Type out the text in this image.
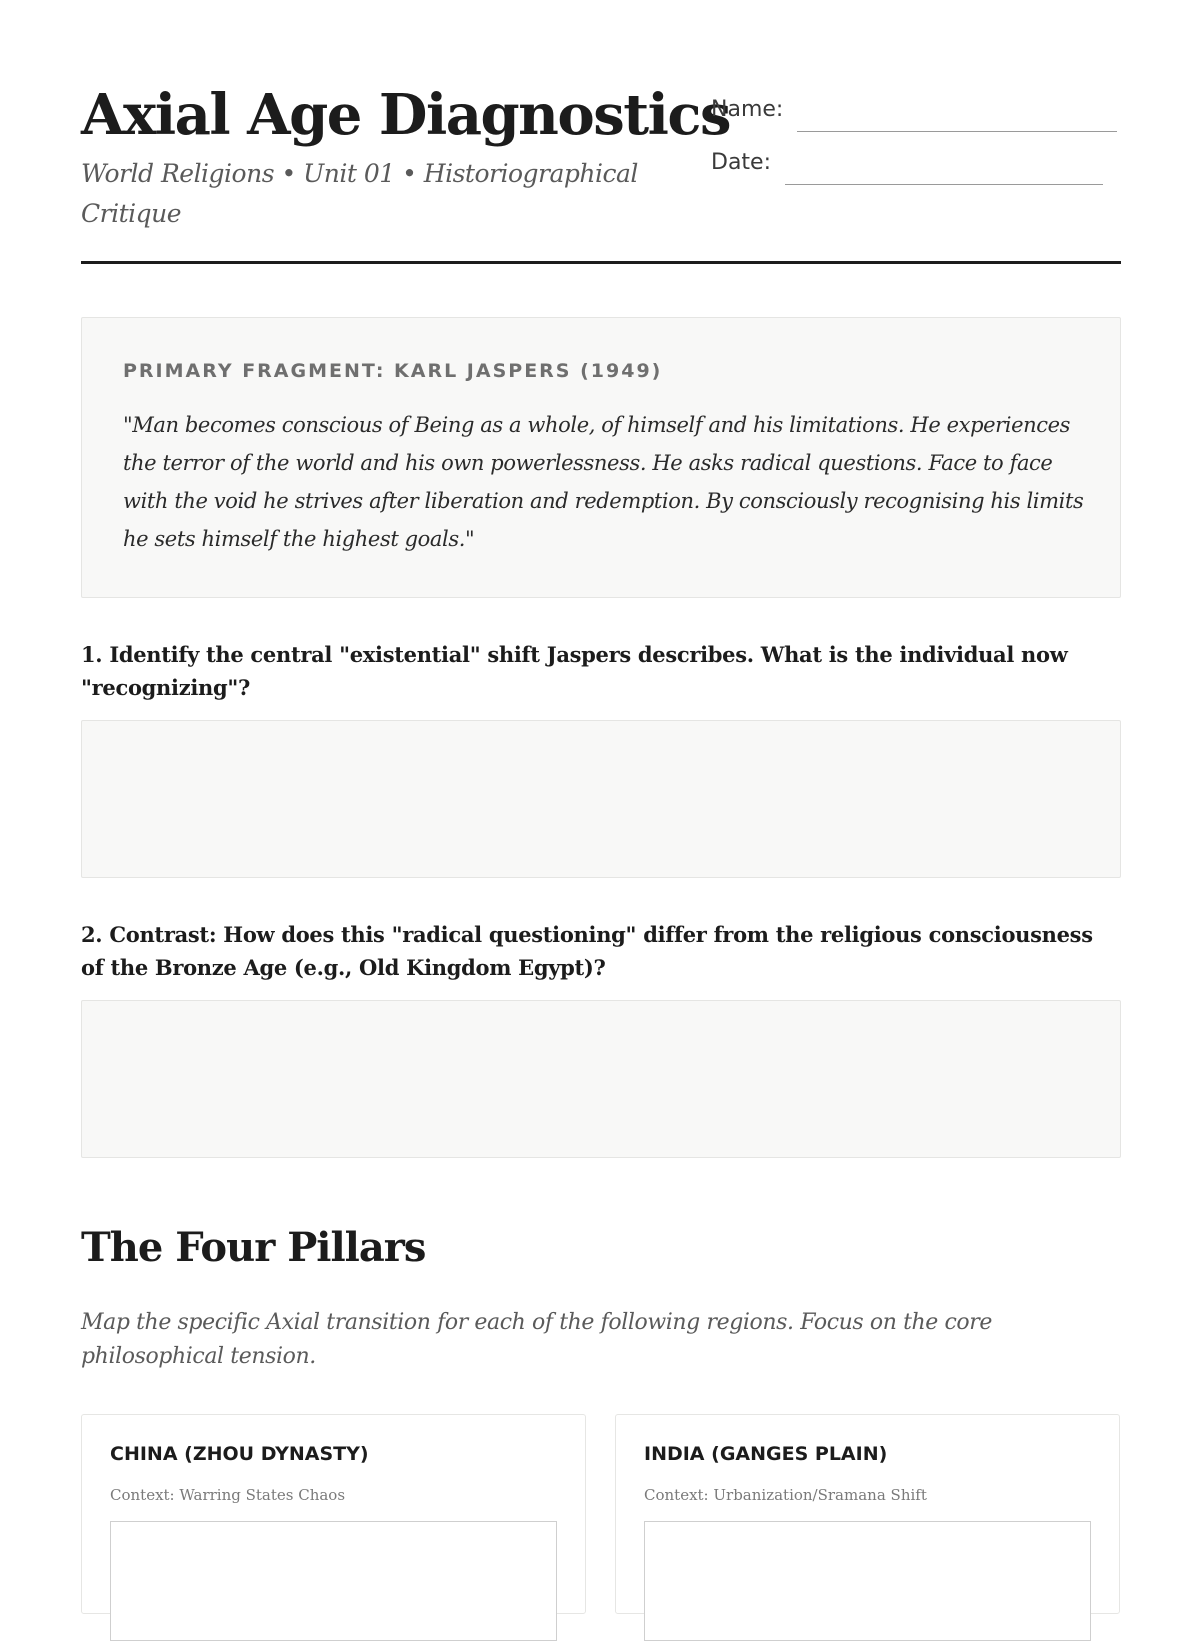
Axial Age Diagnostics

World Religions • Unit 01 • Historiographical Critique

Name:
Date:

PRIMARY FRAGMENT: KARL JASPERS (1949)

"Man becomes conscious of Being as a whole, of himself and his limitations. He experiences the terror of the world and his own powerlessness. He asks radical questions. Face to face with the void he strives after liberation and redemption. By consciously recognising his limits he sets himself the highest goals."

1. Identify the central "existential" shift Jaspers describes. What is the individual now "recognizing"?

2. Contrast: How does this "radical questioning" differ from the religious consciousness of the Bronze Age (e.g., Old Kingdom Egypt)?

The Four Pillars

Map the specific Axial transition for each of the following regions. Focus on the core philosophical tension.

CHINA (ZHOU DYNASTY)

Context: Warring States Chaos

INDIA (GANGES PLAIN)

Context: Urbanization/Sramana Shift
